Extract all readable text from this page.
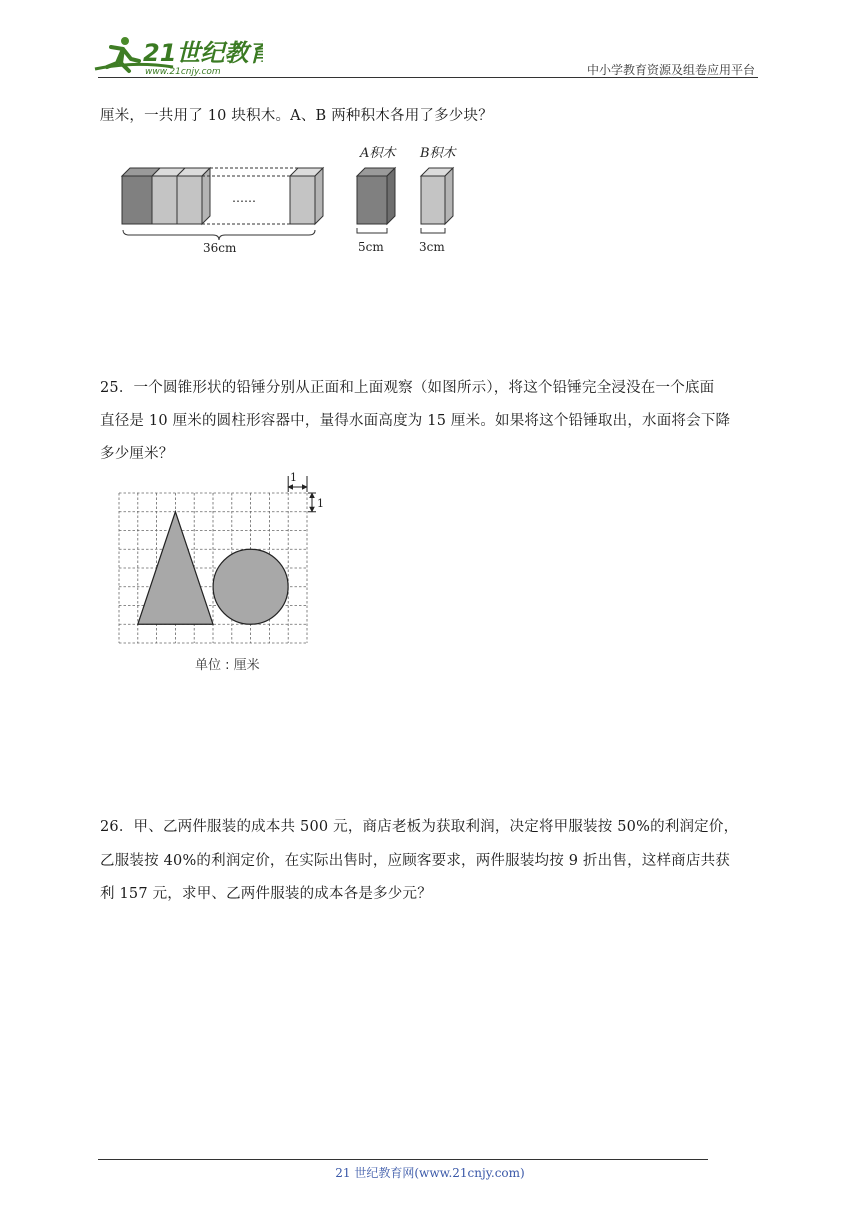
21世纪教育
www.21cnjy.com	中小学教育资源及组卷应用平台
厘米，一共用了 10 块积木。A、B 两种积木各用了多少块？
……
36cm
A积木
5cm
B积木
3cm
25．一个圆锥形状的铅锤分别从正面和上面观察（如图所示），将这个铅锤完全浸没在一个底面
直径是 10 厘米的圆柱形容器中，量得水面高度为 15 厘米。如果将这个铅锤取出，水面将会下降
多少厘米？
1
1
单位 : 厘米
26．甲、乙两件服装的成本共 500 元，商店老板为获取利润，决定将甲服装按 50%的利润定价，
乙服装按 40%的利润定价，在实际出售时，应顾客要求，两件服装均按 9 折出售，这样商店共获
利 157 元，求甲、乙两件服装的成本各是多少元？
21 世纪教育网(www.21cnjy.com)
